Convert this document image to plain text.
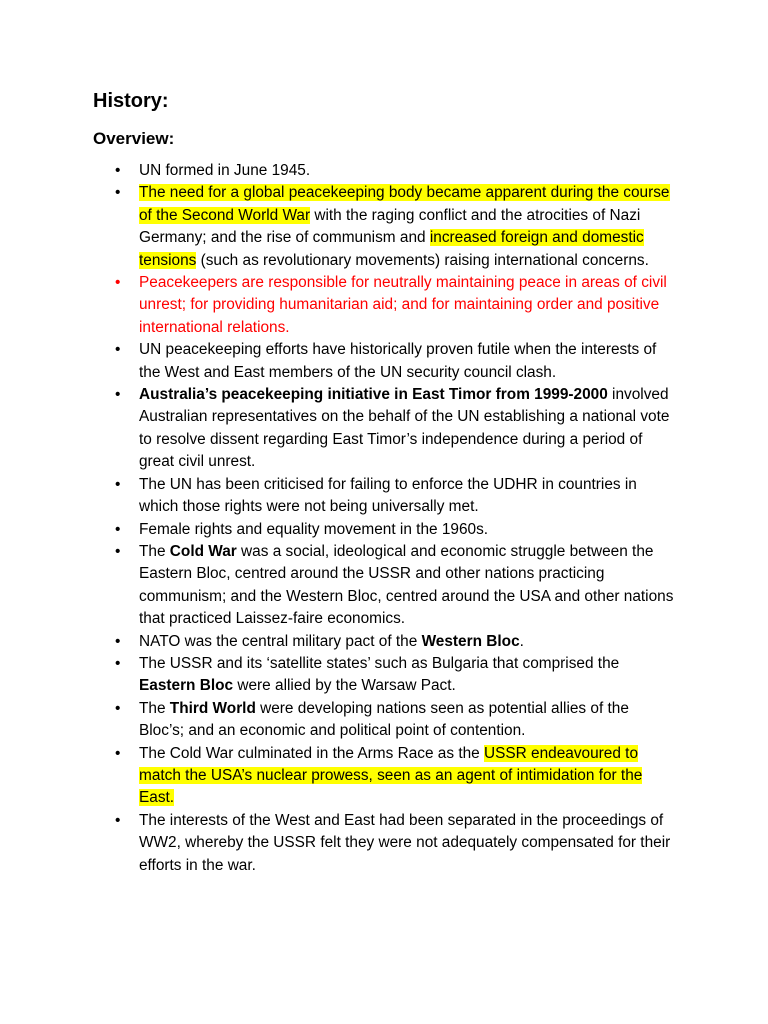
History:
Overview:
• UN formed in June 1945.
• The need for a global peacekeeping body became apparent during the course of the Second World War with the raging conflict and the atrocities of Nazi Germany; and the rise of communism and increased foreign and domestic tensions (such as revolutionary movements) raising international concerns.
• Peacekeepers are responsible for neutrally maintaining peace in areas of civil unrest; for providing humanitarian aid; and for maintaining order and positive international relations.
• UN peacekeeping efforts have historically proven futile when the interests of the West and East members of the UN security council clash.
• Australia’s peacekeeping initiative in East Timor from 1999-2000 involved Australian representatives on the behalf of the UN establishing a national vote to resolve dissent regarding East Timor’s independence during a period of great civil unrest.
• The UN has been criticised for failing to enforce the UDHR in countries in which those rights were not being universally met.
• Female rights and equality movement in the 1960s.
• The Cold War was a social, ideological and economic struggle between the Eastern Bloc, centred around the USSR and other nations practicing communism; and the Western Bloc, centred around the USA and other nations that practiced Laissez-faire economics.
• NATO was the central military pact of the Western Bloc.
• The USSR and its ‘satellite states’ such as Bulgaria that comprised the Eastern Bloc were allied by the Warsaw Pact.
• The Third World were developing nations seen as potential allies of the Bloc’s; and an economic and political point of contention.
• The Cold War culminated in the Arms Race as the USSR endeavoured to match the USA’s nuclear prowess, seen as an agent of intimidation for the East.
• The interests of the West and East had been separated in the proceedings of WW2, whereby the USSR felt they were not adequately compensated for their efforts in the war.
